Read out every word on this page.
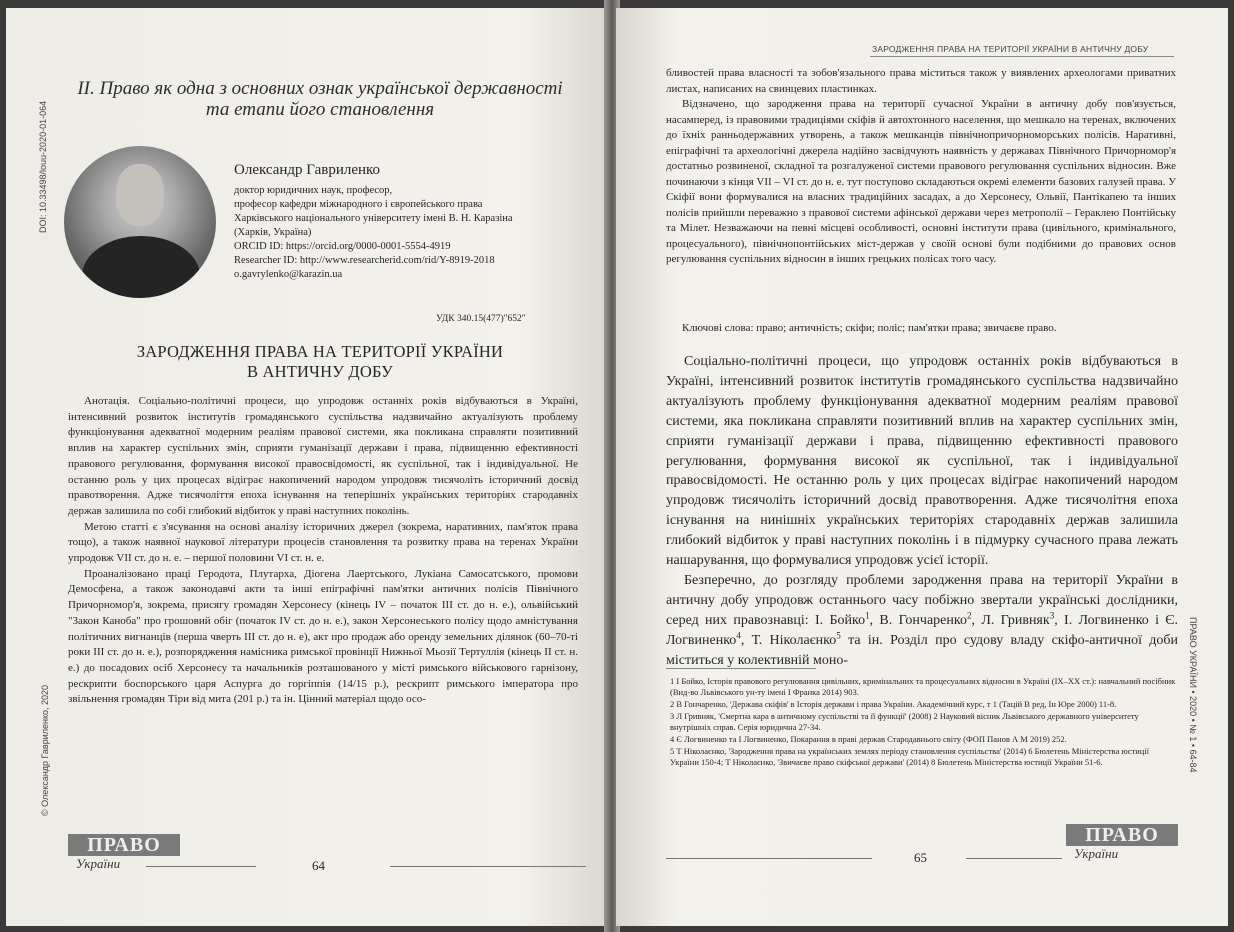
DOI: 10.33498/louu-2020-01-064
© Олександр Гавриленко, 2020
II. Право як одна з основних ознак української державності
та етапи його становлення
Олександр Гавриленко
доктор юридичних наук, професор,
професор кафедри міжнародного і європейського права
Харківського національного університету імені В. Н. Каразіна
(Харків, Україна)
ORCID ID: https://orcid.org/0000-0001-5554-4919
Researcher ID: http://www.researcherid.com/rid/Y-8919-2018
o.gavrylenko@karazin.ua
УДК 340.15(477)"652"
ЗАРОДЖЕННЯ ПРАВА НА ТЕРИТОРІЇ УКРАЇНИ
В АНТИЧНУ ДОБУ

Анотація. Соціально-політичні процеси, що упродовж останніх років відбуваються в Україні, інтенсивний розвиток інститутів громадянського суспільства надзвичайно актуалізують проблему функціонування адекватної модерним реаліям правової системи, яка покликана справляти позитивний вплив на характер суспільних змін, сприяти гуманізації держави і права, підвищенню ефективності правового регулювання, формування високої правосвідомості, як суспільної, так і індивідуальної. Не останню роль у цих процесах відіграє накопичений народом упродовж тисячоліть історичний досвід правотворення. Адже тисячоліття епоха існування на теперішніх українських територіях стародавніх держав залишила по собі глибокий відбиток у праві наступних поколінь.

Метою статті є з'ясування на основі аналізу історичних джерел (зокрема, наративних, пам'яток права тощо), а також наявної наукової літератури процесів становлення та розвитку права на теренах України упродовж VII ст. до н. е. – першої половини VI ст. н. е.

Проаналізовано праці Геродота, Плутарха, Діогена Лаертського, Лукіана Самосатського, промови Демосфена, а також законодавчі акти та інші епіграфічні пам'ятки античних полісів Північного Причорномор'я, зокрема, присягу громадян Херсонесу (кінець IV – початок III ст. до н. е.), ольвійський "Закон Канобa" про грошовий обіг (початок IV ст. до н. е.), закон Херсонеського полісу щодо амністування політичних вигнанців (перша чверть III ст. до н. е), акт про продаж або оренду земельних ділянок (60–70-ті роки III ст. до н. е.), розпорядження намісника римської провінції Нижньої Мьозії Тертуллія (кінець II ст. н. е.) до посадових осіб Херсонесу та начальників розташованого у місті римського військового гарнізону, рескрипти боспорського царя Аспурга до горгіппія (14/15 р.), рескрипт римського імператора про звільнення громадян Тіри від мита (201 р.) та ін. Цінний матеріал щодо осо-

ПРАВО
України	64
ПРАВО УКРАЇНИ • 2020 • № 1 • 64-84
ПРАВО
України
65
ЗАРОДЖЕННЯ ПРАВА НА ТЕРИТОРІЇ УКРАЇНИ В АНТИЧНУ ДОБУ

бливостей права власності та зобов'язального права міститься також у виявлених археологами приватних листах, написаних на свинцевих пластинках.

Відзначено, що зародження права на території сучасної України в античну добу пов'язується, насамперед, із правовими традиціями скіфів й автохтонного населення, що мешкало на теренах, включених до їхніх ранньодержавних утворень, а також мешканців північнопричорноморських полісів. Наративні, епіграфічні та археологічні джерела надійно засвідчують наявність у державах Північного Причорномор'я достатньо розвиненої, складної та розгалуженої системи правового регулювання суспільних відносин. Вже починаючи з кінця VII – VI ст. до н. е. тут поступово складаються окремі елементи базових галузей права. У Скіфії вони формувалися на власних традиційних засадах, а до Херсонесу, Ольвії, Пантікапею та інших полісів прийшли переважно з правової системи афінської держави через метрополії – Гераклею Понтійську та Мілет. Незважаючи на певні місцеві особливості, основні інститути права (цивільного, кримінального, процесуального), північнопонтійських міст-держав у своїй основі були подібними до правових основ регулювання суспільних відносин в інших грецьких полісах того часу.

Ключові слова: право; античність; скіфи; поліс; пам'ятки права; звичаєве право.

Соціально-політичні процеси, що упродовж останніх років відбуваються в Україні, інтенсивний розвиток інститутів громадянського суспільства надзвичайно актуалізують проблему функціонування адекватної модерним реаліям правової системи, яка покликана справляти позитивний вплив на характер суспільних змін, сприяти гуманізації держави і права, підвищенню ефективності правового регулювання, формування високої як суспільної, так і індивідуальної правосвідомості. Не останню роль у цих процесах відіграє накопичений народом упродовж тисячоліть історичний досвід правотворення. Адже тисячолітня епоха існування на нинішніх українських територіях стародавніх держав залишила глибокий відбиток у праві наступних поколінь і в підмурку сучасного права лежать нашарування, що формувалися упродовж усієї історії.

Безперечно, до розгляду проблеми зародження права на території України в античну добу упродовж останнього часу побіжно звертали українські дослідники, серед них правознавці: І. Бойко$^1$, В. Гончаренко$^2$, Л. Гривняк$^3$, І. Логвиненко і Є. Логвиненко$^4$, Т. Ніколаєнко$^5$ та ін. Розділ про судову владу скіфо-античної доби міститься у колективній моно-

1 І Бойко, Історія правового регулювання цивільних, кримінальних та процесуальних відносин в Україні (IX–XX ст.): навчальний посібник (Вид-во Львівського ун-ту імені І Франка 2014) 903.
2 В Гончаренко, 'Держава скіфів' в Історія держави і права України. Академічний курс, т 1 (Тацій В ред, Ін Юре 2000) 11-8.
3 Л Гривняк, 'Смертна кара в античному суспільстві та її функції' (2008) 2 Науковий вісник Львівського державного університету внутрішніх справ. Серія юридична 27-34.
4 Є Логвиненко та І Логвиненко, Покарання в праві держав Стародавнього світу (ФОП Панов А М 2019) 252.
5 Т Ніколаєнко, 'Зародження права на українських землях періоду становлення суспільства' (2014) 6 Бюлетень Міністерства юстиції України 150-4; Т Ніколаєнко, 'Звичаєве право скіфської держави' (2014) 8 Бюлетень Міністерства юстиції України 51-6.
